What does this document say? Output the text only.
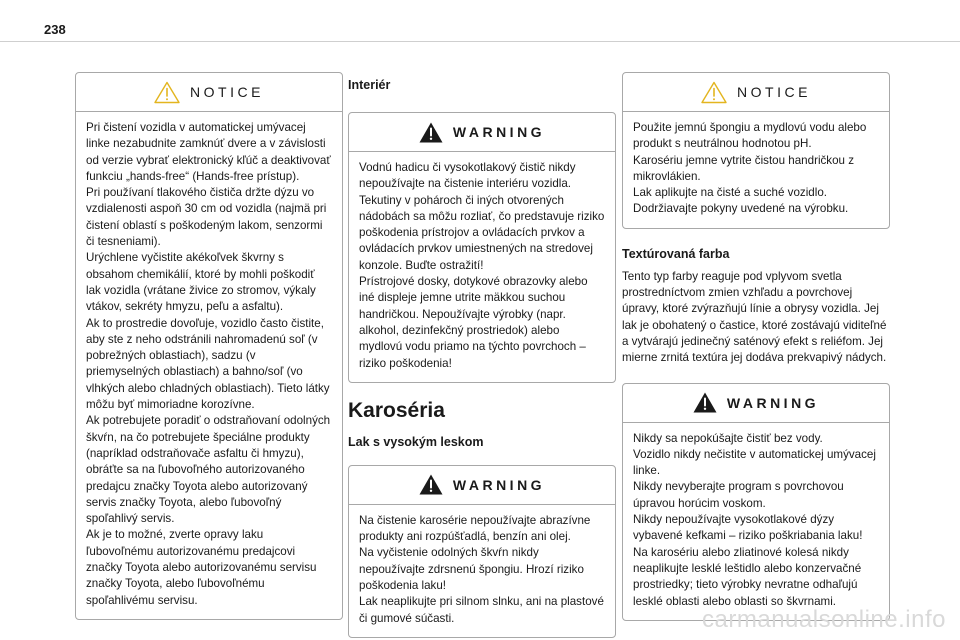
238
NOTICE

Pri čistení vozidla v automatickej umývacej linke nezabudnite zamknúť dvere a v závislosti od verzie vybrať elektronický kľúč a deaktivovať funkciu „hands-free“ (Hands-free prístup).

Pri používaní tlakového čističa držte dýzu vo vzdialenosti aspoň 30 cm od vozidla (najmä pri čistení oblastí s poškodeným lakom, senzormi či tesneniami).

Urýchlene vyčistite akékoľvek škvrny s obsahom chemikálií, ktoré by mohli poškodiť lak vozidla (vrátane živice zo stromov, výkaly vtákov, sekréty hmyzu, peľu a asfaltu).

Ak to prostredie dovoľuje, vozidlo často čistite, aby ste z neho odstránili nahromadenú soľ (v pobrežných oblastiach), sadzu (v priemyselných oblastiach) a bahno/soľ (vo vlhkých alebo chladných oblastiach). Tieto látky môžu byť mimoriadne korozívne.

Ak potrebujete poradiť o odstraňovaní odolných škvŕn, na čo potrebujete špeciálne produkty (napríklad odstraňovače asfaltu či hmyzu), obráťte sa na ľubovoľného autorizovaného predajcu značky Toyota alebo autorizovaný servis značky Toyota, alebo ľubovoľný spoľahlivý servis.

Ak je to možné, zverte opravy laku ľubovoľnému autorizovanému predajcovi značky Toyota alebo autorizovanému servisu značky Toyota, alebo ľubovoľnému spoľahlivému servisu.

Interiér
WARNING

Vodnú hadicu či vysokotlakový čistič nikdy nepoužívajte na čistenie interiéru vozidla. Tekutiny v pohároch či iných otvorených nádobách sa môžu rozliať, čo predstavuje riziko poškodenia prístrojov a ovládacích prvkov a ovládacích prvkov umiestnených na stredovej konzole. Buďte ostražití!

Prístrojové dosky, dotykové obrazovky alebo iné displeje jemne utrite mäkkou suchou handričkou. Nepoužívajte výrobky (napr. alkohol, dezinfekčný prostriedok) alebo mydlovú vodu priamo na týchto povrchoch – riziko poškodenia!

Karoséria
Lak s vysokým leskom
WARNING

Na čistenie karosérie nepoužívajte abrazívne produkty ani rozpúšťadlá, benzín ani olej.

Na vyčistenie odolných škvŕn nikdy nepoužívajte zdrsnenú špongiu. Hrozí riziko poškodenia laku!

Lak neaplikujte pri silnom slnku, ani na plastové či gumové súčasti.

NOTICE

Použite jemnú špongiu a mydlovú vodu alebo produkt s neutrálnou hodnotou pH.

Karosériu jemne vytrite čistou handričkou z mikrovlákien.

Lak aplikujte na čisté a suché vozidlo.

Dodržiavajte pokyny uvedené na výrobku.

Textúrovaná farba

Tento typ farby reaguje pod vplyvom svetla prostredníctvom zmien vzhľadu a povrchovej úpravy, ktoré zvýrazňujú línie a obrysy vozidla. Jej lak je obohatený o častice, ktoré zostávajú viditeľné a vytvárajú jedinečný saténový efekt s reliéfom. Jej mierne zrnitá textúra jej dodáva prekvapivý nádych.

WARNING

Nikdy sa nepokúšajte čistiť bez vody.

Vozidlo nikdy nečistite v automatickej umývacej linke.

Nikdy nevyberajte program s povrchovou úpravou horúcim voskom.

Nikdy nepoužívajte vysokotlakové dýzy vybavené kefkami – riziko poškriabania laku!

Na karosériu alebo zliatinové kolesá nikdy neaplikujte lesklé leštidlo alebo konzervačné prostriedky; tieto výrobky nevratne odhaľujú lesklé oblasti alebo oblasti so škvrnami.

carmanualsonline.info
